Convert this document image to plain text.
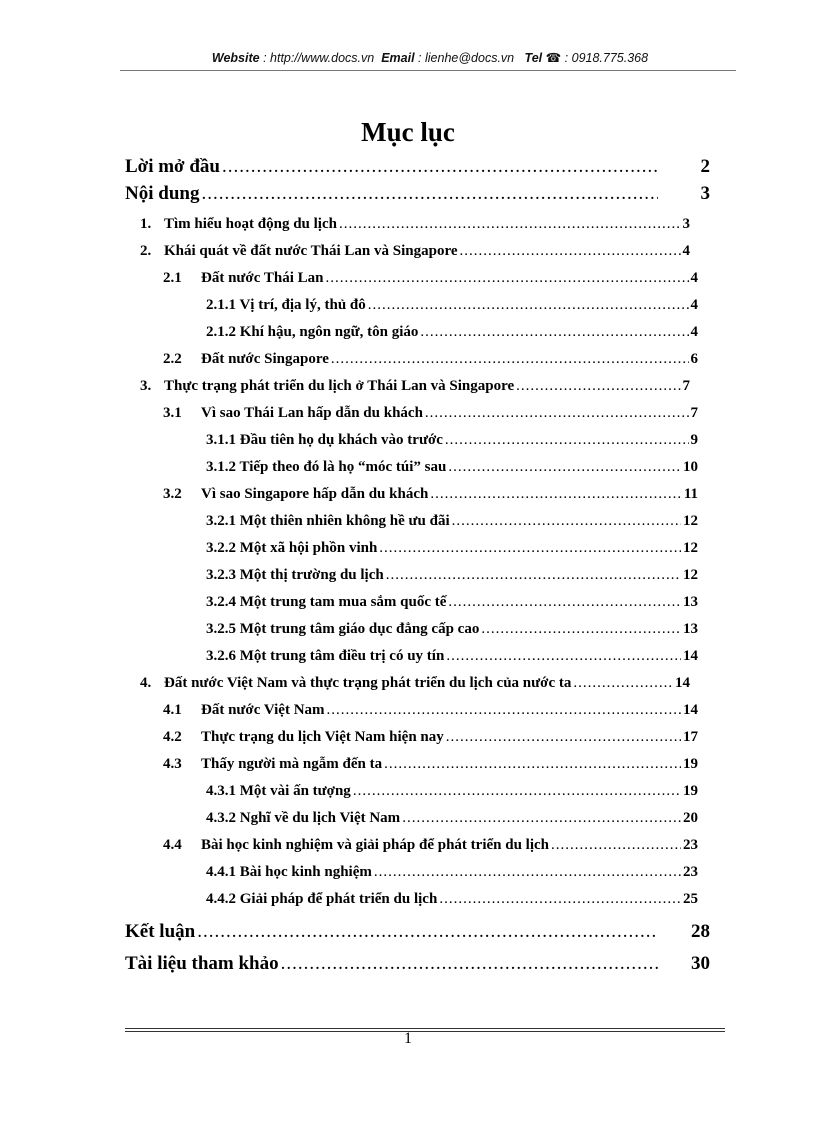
Website : http://www.docs.vn Email : lienhe@docs.vn Tel ☎ : 0918.775.368
Mục lục
Lời mở đầu .....	2
Nội dung .....	3
1. Tìm hiểu hoạt động du lịch .....	3
2. Khái quát về đất nước Thái Lan và Singapore .....	4
2.1	Đất nước Thái Lan .....	4
2.1.1 Vị trí, địa lý, thủ đô .....	4
2.1.2 Khí hậu, ngôn ngữ, tôn giáo .....	4
2.2	Đất nước Singapore .....	6
3. Thực trạng phát triển du lịch ở Thái Lan và Singapore .....	7
3.1	Vì sao Thái Lan hấp dẫn du khách .....	7
3.1.1 Đầu tiên họ dụ khách vào trước .....	9
3.1.2 Tiếp theo đó là họ “móc túi” sau .....	10
3.2	Vì sao Singapore hấp dẫn du khách .....	11
3.2.1 Một thiên nhiên không hề ưu đãi .....	12
3.2.2 Một xã hội phồn vinh .....	12
3.2.3 Một thị trường du lịch .....	12
3.2.4 Một trung tam mua sắm quốc tế .....	13
3.2.5 Một trung tâm giáo dục đẳng cấp cao .....	13
3.2.6 Một trung tâm điều trị có uy tín .....	14
4. Đất nước Việt Nam và thực trạng phát triển du lịch của nước ta .....	14
4.1	Đất nước Việt Nam .....	14
4.2	Thực trạng du lịch Việt Nam hiện nay .....	17
4.3	Thấy người mà ngẫm đến ta .....	19
4.3.1 Một vài ấn tượng .....	19
4.3.2 Nghĩ về du lịch Việt Nam .....	20
4.4	Bài học kinh nghiệm và giải pháp để phát triển du lịch .....	23
4.4.1 Bài học kinh nghiệm .....	23
4.4.2 Giải pháp để phát triển du lịch .....	25
Kết luận .....	28
Tài liệu tham khảo .....	30
1
